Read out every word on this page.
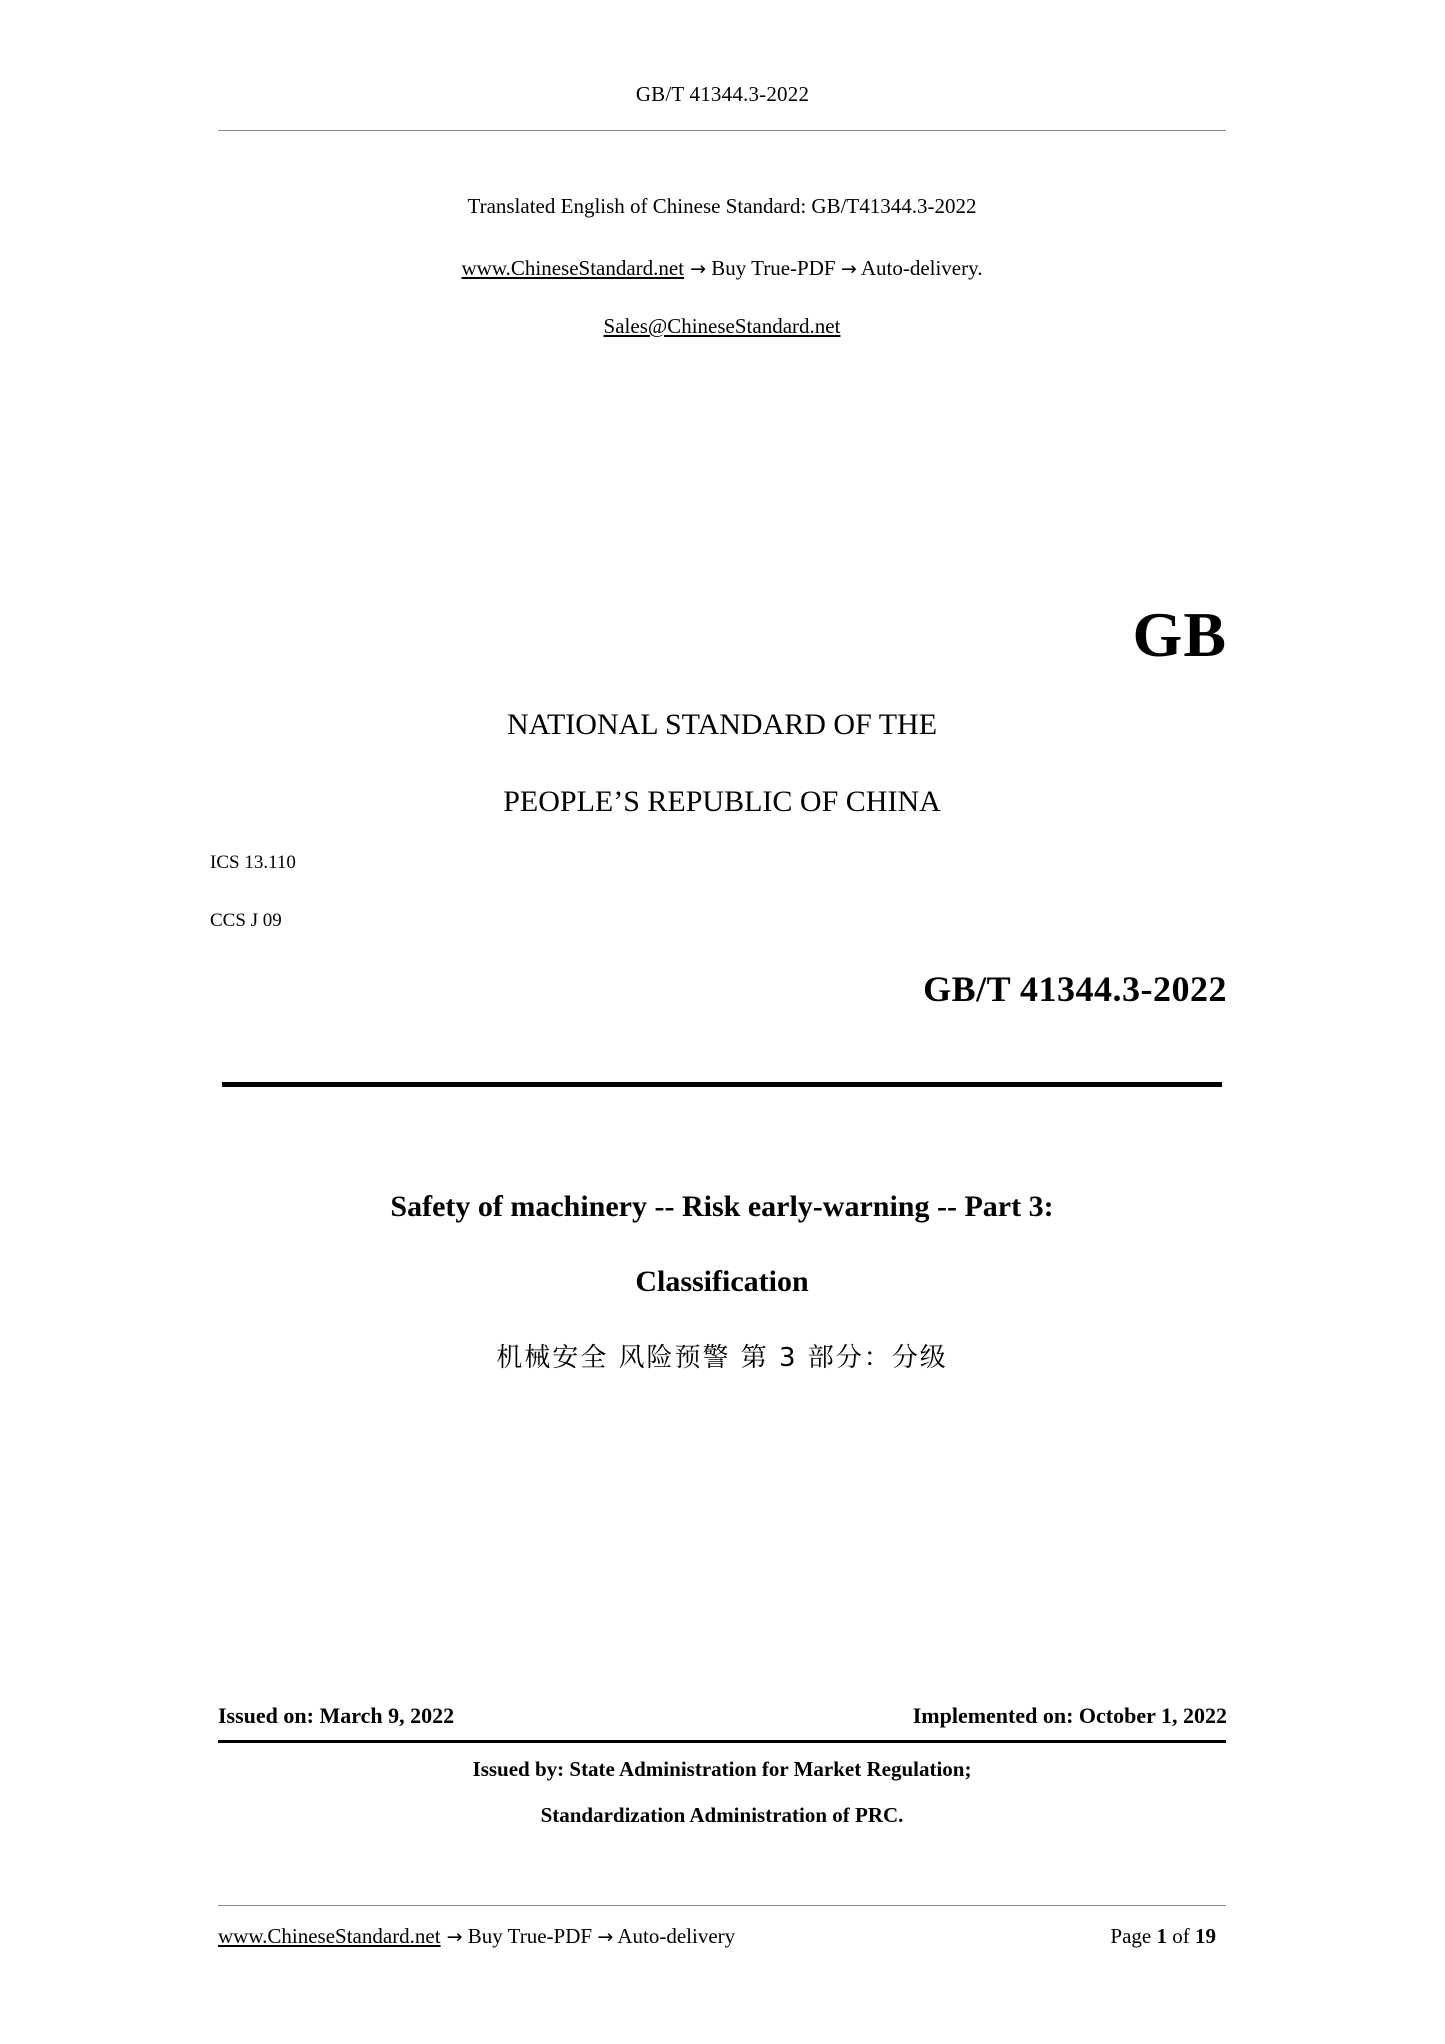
GB/T 41344.3-2022
Translated English of Chinese Standard: GB/T41344.3-2022
www.ChineseStandard.net → Buy True-PDF → Auto-delivery.
Sales@ChineseStandard.net
GB
NATIONAL STANDARD OF THE
PEOPLE’S REPUBLIC OF CHINA
ICS 13.110
CCS J 09
GB/T 41344.3-2022
Safety of machinery -- Risk early-warning -- Part 3:
Classification
机械安全 风险预警 第 3 部分：分级
Issued on: March 9, 2022	Implemented on: October 1, 2022
Issued by: State Administration for Market Regulation;
Standardization Administration of PRC.
www.ChineseStandard.net → Buy True-PDF → Auto-delivery	Page 1 of 19
